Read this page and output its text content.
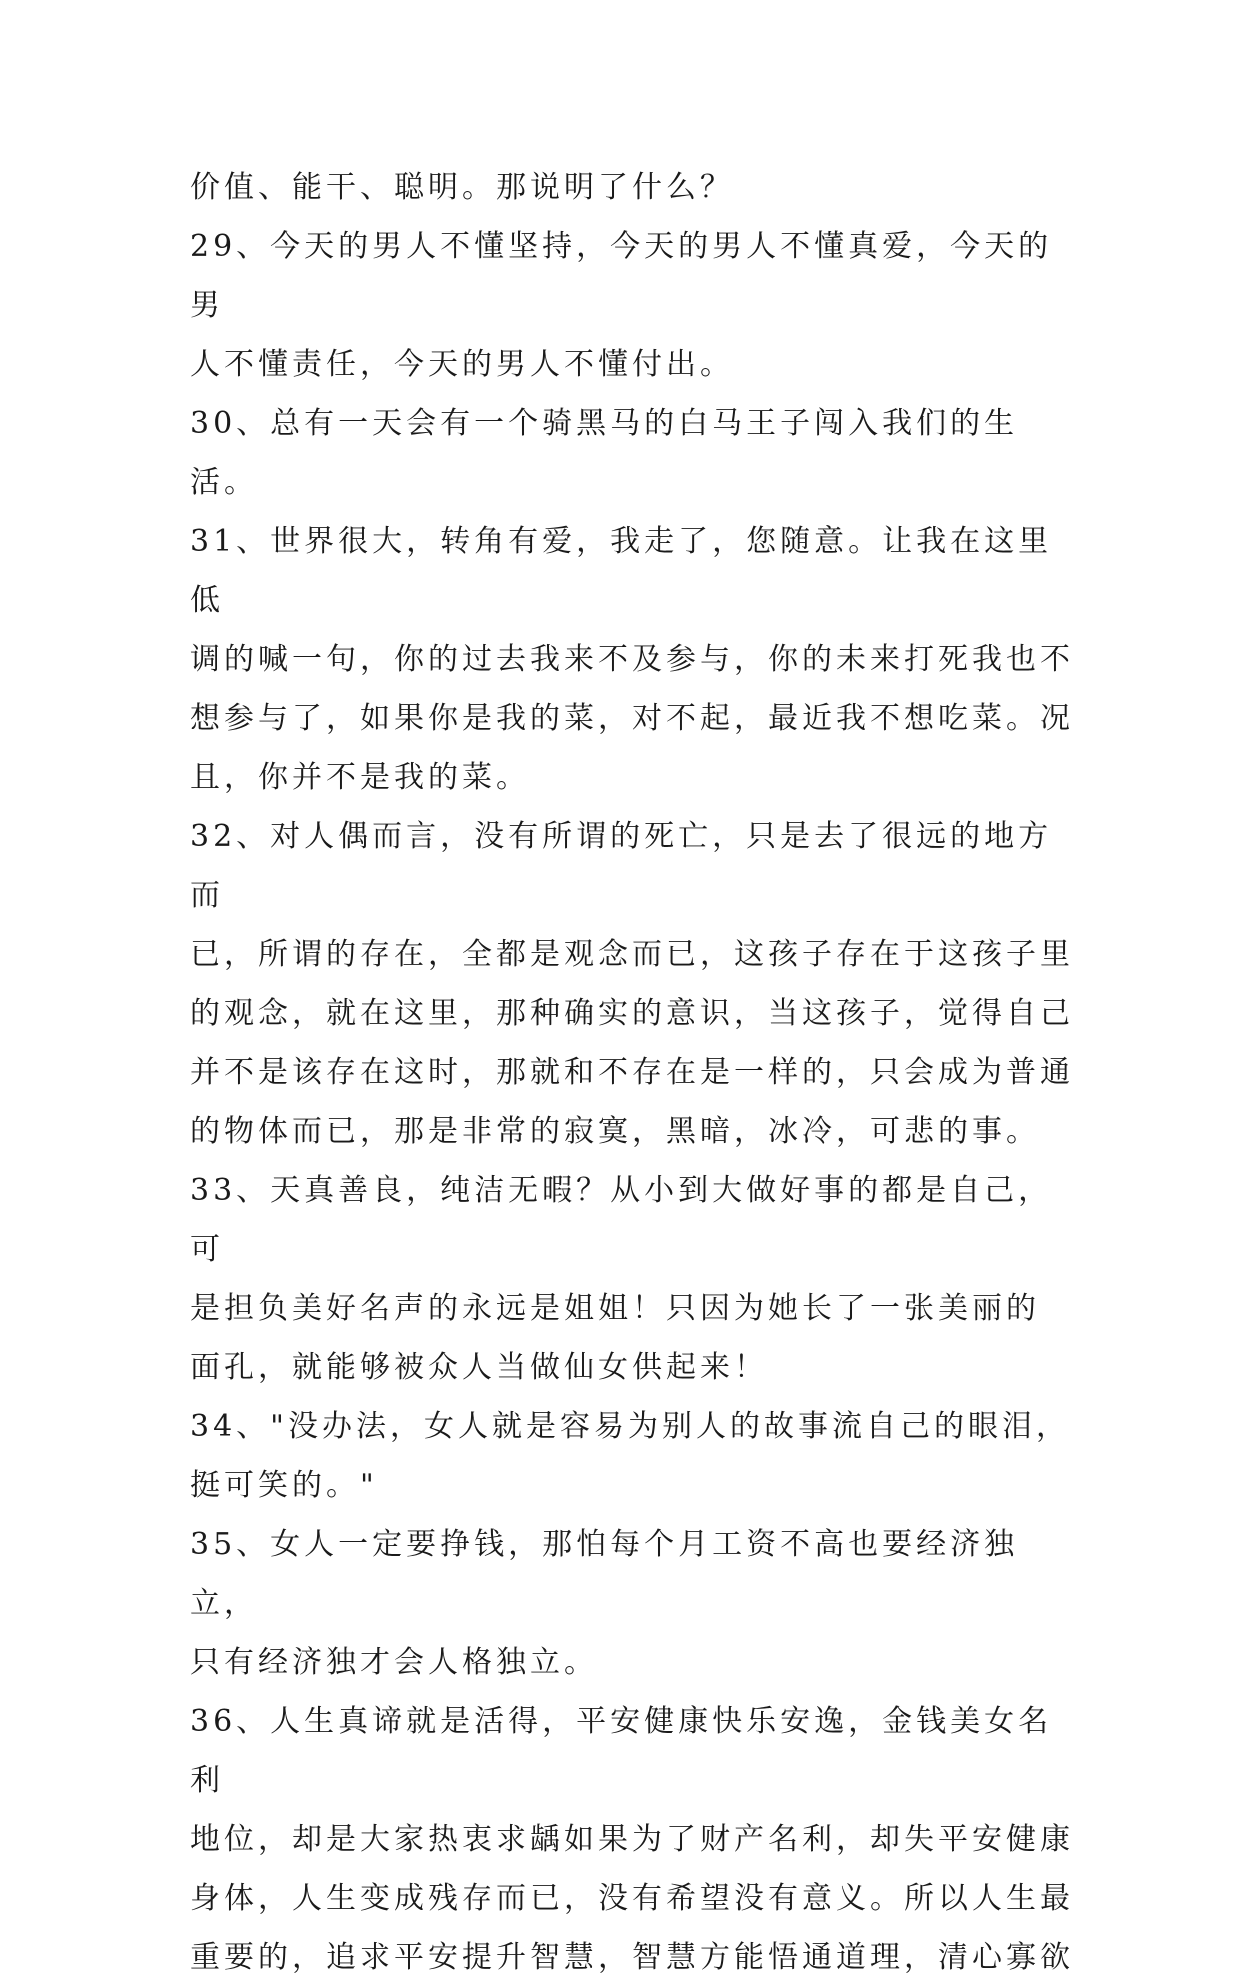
价值、能干、聪明。那说明了什么？

29、今天的男人不懂坚持，今天的男人不懂真爱，今天的男
人不懂责任，今天的男人不懂付出。

30、总有一天会有一个骑黑马的白马王子闯入我们的生活。

31、世界很大，转角有爱，我走了，您随意。让我在这里低
调的喊一句，你的过去我来不及参与，你的未来打死我也不
想参与了，如果你是我的菜，对不起，最近我不想吃菜。况
且，你并不是我的菜。

32、对人偶而言，没有所谓的死亡，只是去了很远的地方而
已，所谓的存在，全都是观念而已，这孩子存在于这孩子里
的观念，就在这里，那种确实的意识，当这孩子，觉得自己
并不是该存在这时，那就和不存在是一样的，只会成为普通
的物体而已，那是非常的寂寞，黑暗，冰冷，可悲的事。

33、天真善良，纯洁无暇？从小到大做好事的都是自己，可
是担负美好名声的永远是姐姐！只因为她长了一张美丽的
面孔，就能够被众人当做仙女供起来！

34、"没办法，女人就是容易为别人的故事流自己的眼泪，
挺可笑的。"

35、女人一定要挣钱，那怕每个月工资不高也要经济独立，
只有经济独才会人格独立。

36、人生真谛就是活得，平安健康快乐安逸，金钱美女名利
地位，却是大家热衷求龋如果为了财产名利，却失平安健康
身体，人生变成残存而已，没有希望没有意义。所以人生最
重要的，追求平安提升智慧，智慧方能悟通道理，清心寡欲
